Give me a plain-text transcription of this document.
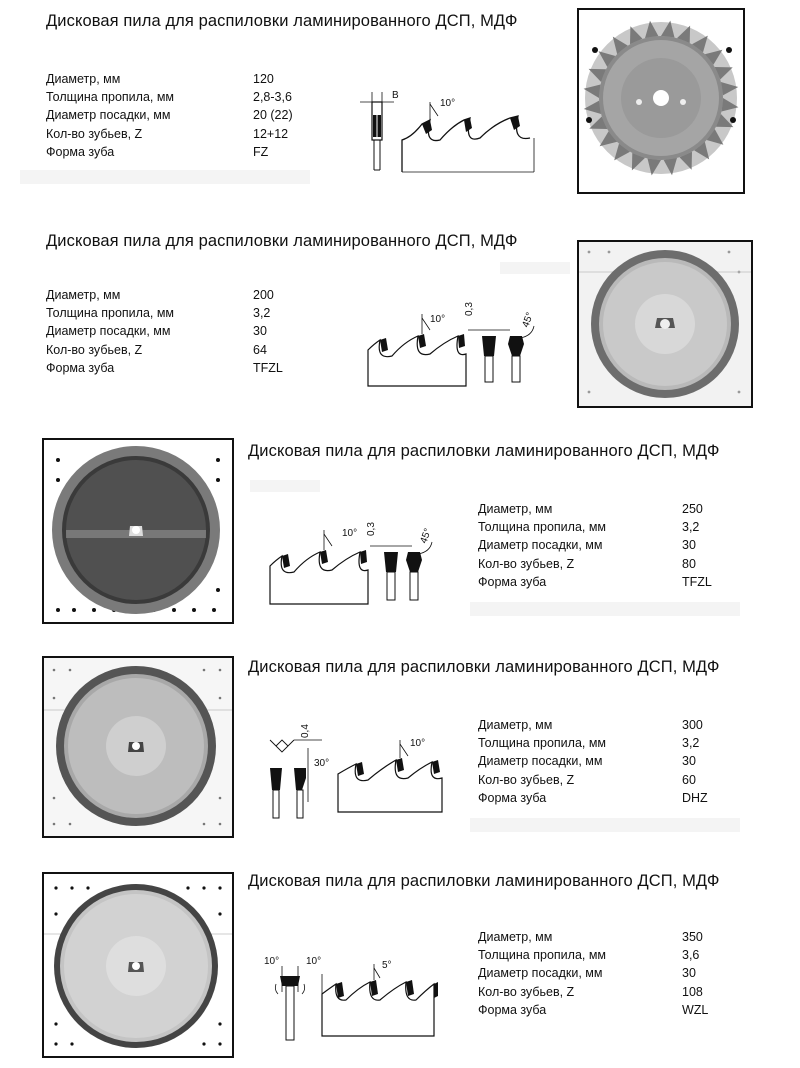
Дисковая пила для распиловки ламинированного ДСП, МДФ
Диаметр, мм	120
Толщина пропила, мм	2,8-3,6
Диаметр посадки, мм	20 (22)
Кол-во зубьев, Z	12+12
Форма зуба	FZ
B
10°
Дисковая пила для распиловки ламинированного ДСП, МДФ
Диаметр, мм	200
Толщина пропила, мм	3,2
Диаметр посадки, мм	30
Кол-во зубьев, Z	64
Форма зуба	TFZL
10°
0,3
45°
Дисковая пила для распиловки ламинированного ДСП, МДФ
10° 0,3	45°
Диаметр, мм	250
Толщина пропила, мм	3,2
Диаметр посадки, мм	30
Кол-во зубьев, Z	80
Форма зуба	TFZL
Дисковая пила для распиловки ламинированного ДСП, МДФ
0,4
30°
10°
Диаметр, мм	300
Толщина пропила, мм	3,2
Диаметр посадки, мм	30
Кол-во зубьев, Z	60
Форма зуба	DHZ
Дисковая пила для распиловки ламинированного ДСП, МДФ
10°	10°	5°
Диаметр, мм	350
Толщина пропила, мм	3,6
Диаметр посадки, мм	30
Кол-во зубьев, Z	108
Форма зуба	WZL
